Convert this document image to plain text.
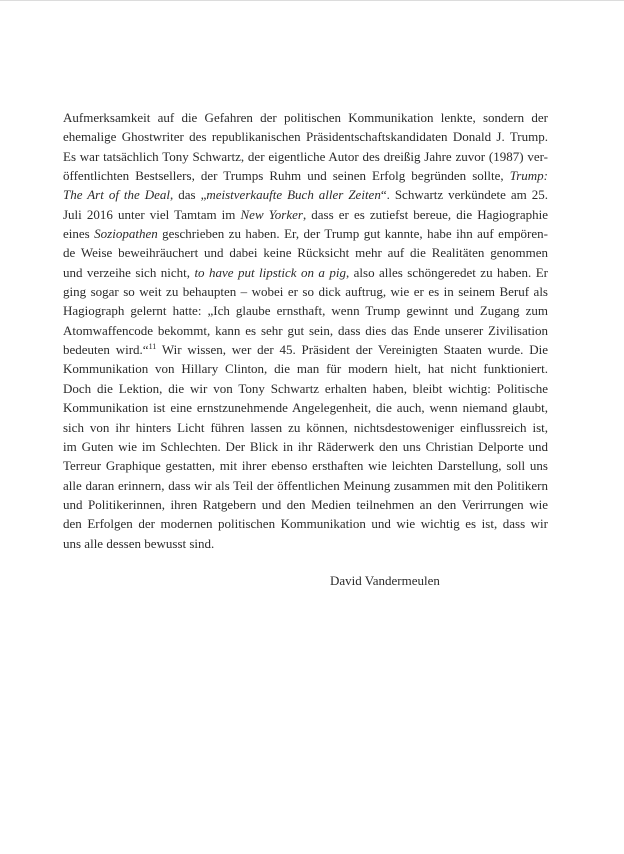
Aufmerksamkeit auf die Gefahren der politischen Kommunikation lenkte, sondern der
ehemalige Ghostwriter des republikanischen Präsidentschaftskandidaten Donald J. Trump.
Es war tatsächlich Tony Schwartz, der eigentliche Autor des dreißig Jahre zuvor (1987) ver-
öffentlichten Bestsellers, der Trumps Ruhm und seinen Erfolg begründen sollte, Trump:
The Art of the Deal, das „meistverkaufte Buch aller Zeiten“. Schwartz verkündete am 25.
Juli 2016 unter viel Tamtam im New Yorker, dass er es zutiefst bereue, die Hagiographie
eines Soziopathen geschrieben zu haben. Er, der Trump gut kannte, habe ihn auf empören-
de Weise beweihräuchert und dabei keine Rücksicht mehr auf die Realitäten genommen
und verzeihe sich nicht, to have put lipstick on a pig, also alles schöngeredet zu haben. Er
ging sogar so weit zu behaupten – wobei er so dick auftrug, wie er es in seinem Beruf als
Hagiograph gelernt hatte: „Ich glaube ernsthaft, wenn Trump gewinnt und Zugang zum
Atomwaffencode bekommt, kann es sehr gut sein, dass dies das Ende unserer Zivilisation
bedeuten wird.“$^{11}$ Wir wissen, wer der 45. Präsident der Vereinigten Staaten wurde. Die
Kommunikation von Hillary Clinton, die man für modern hielt, hat nicht funktioniert.
Doch die Lektion, die wir von Tony Schwartz erhalten haben, bleibt wichtig: Politische
Kommunikation ist eine ernstzunehmende Angelegenheit, die auch, wenn niemand glaubt,
sich von ihr hinters Licht führen lassen zu können, nichtsdestoweniger einflussreich ist,
im Guten wie im Schlechten. Der Blick in ihr Räderwerk den uns Christian Delporte und
Terreur Graphique gestatten, mit ihrer ebenso ersthaften wie leichten Darstellung, soll uns
alle daran erinnern, dass wir als Teil der öffentlichen Meinung zusammen mit den Politikern
und Politikerinnen, ihren Ratgebern und den Medien teilnehmen an den Verirrungen wie
den Erfolgen der modernen politischen Kommunikation und wie wichtig es ist, dass wir
uns alle dessen bewusst sind.
David Vandermeulen
